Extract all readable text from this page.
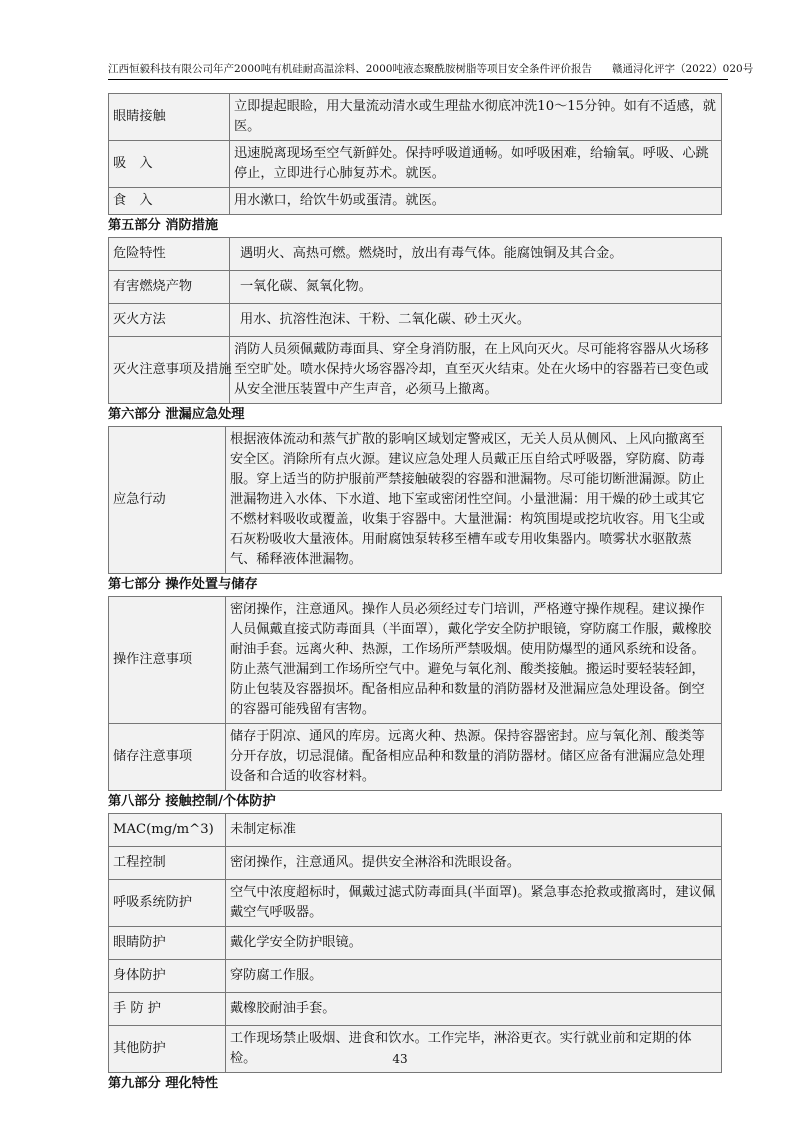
江西恒毅科技有限公司年产2000吨有机硅耐高温涂料、2000吨液态聚酰胺树脂等项目安全条件评价报告 赣通浔化评字（2022）020号
眼睛接触	立即提起眼睑，用大量流动清水或生理盐水彻底冲洗10～15分钟。如有不适感，就医。
吸　入	迅速脱离现场至空气新鲜处。保持呼吸道通畅。如呼吸困难，给输氧。呼吸、心跳停止，立即进行心肺复苏术。就医。
食　入	用水漱口，给饮牛奶或蛋清。就医。
第五部分 消防措施
危险特性	遇明火、高热可燃。燃烧时，放出有毒气体。能腐蚀铜及其合金。
有害燃烧产物	一氧化碳、氮氧化物。
灭火方法	用水、抗溶性泡沫、干粉、二氧化碳、砂土灭火。
灭火注意事项及措施	消防人员须佩戴防毒面具、穿全身消防服，在上风向灭火。尽可能将容器从火场移至空旷处。喷水保持火场容器冷却，直至灭火结束。处在火场中的容器若已变色或从安全泄压装置中产生声音，必须马上撤离。
第六部分 泄漏应急处理
应急行动	根据液体流动和蒸气扩散的影响区域划定警戒区，无关人员从侧风、上风向撤离至安全区。消除所有点火源。建议应急处理人员戴正压自给式呼吸器，穿防腐、防毒服。穿上适当的防护服前严禁接触破裂的容器和泄漏物。尽可能切断泄漏源。防止泄漏物进入水体、下水道、地下室或密闭性空间。小量泄漏：用干燥的砂土或其它不燃材料吸收或覆盖，收集于容器中。大量泄漏：构筑围堤或挖坑收容。用飞尘或石灰粉吸收大量液体。用耐腐蚀泵转移至槽车或专用收集器内。喷雾状水驱散蒸气、稀释液体泄漏物。
第七部分 操作处置与储存
操作注意事项	密闭操作，注意通风。操作人员必须经过专门培训，严格遵守操作规程。建议操作人员佩戴直接式防毒面具（半面罩），戴化学安全防护眼镜，穿防腐工作服，戴橡胶耐油手套。远离火种、热源，工作场所严禁吸烟。使用防爆型的通风系统和设备。防止蒸气泄漏到工作场所空气中。避免与氧化剂、酸类接触。搬运时要轻装轻卸，防止包装及容器损坏。配备相应品种和数量的消防器材及泄漏应急处理设备。倒空的容器可能残留有害物。
储存注意事项	储存于阴凉、通风的库房。远离火种、热源。保持容器密封。应与氧化剂、酸类等分开存放，切忌混储。配备相应品种和数量的消防器材。储区应备有泄漏应急处理设备和合适的收容材料。
第八部分 接触控制/个体防护
MAC(mg/m^3)	未制定标准
工程控制	密闭操作，注意通风。提供安全淋浴和洗眼设备。
呼吸系统防护	空气中浓度超标时，佩戴过滤式防毒面具(半面罩)。紧急事态抢救或撤离时，建议佩戴空气呼吸器。
眼睛防护	戴化学安全防护眼镜。
身体防护	穿防腐工作服。
手 防 护	戴橡胶耐油手套。
其他防护	工作现场禁止吸烟、进食和饮水。工作完毕，淋浴更衣。实行就业前和定期的体检。
第九部分 理化特性
43
